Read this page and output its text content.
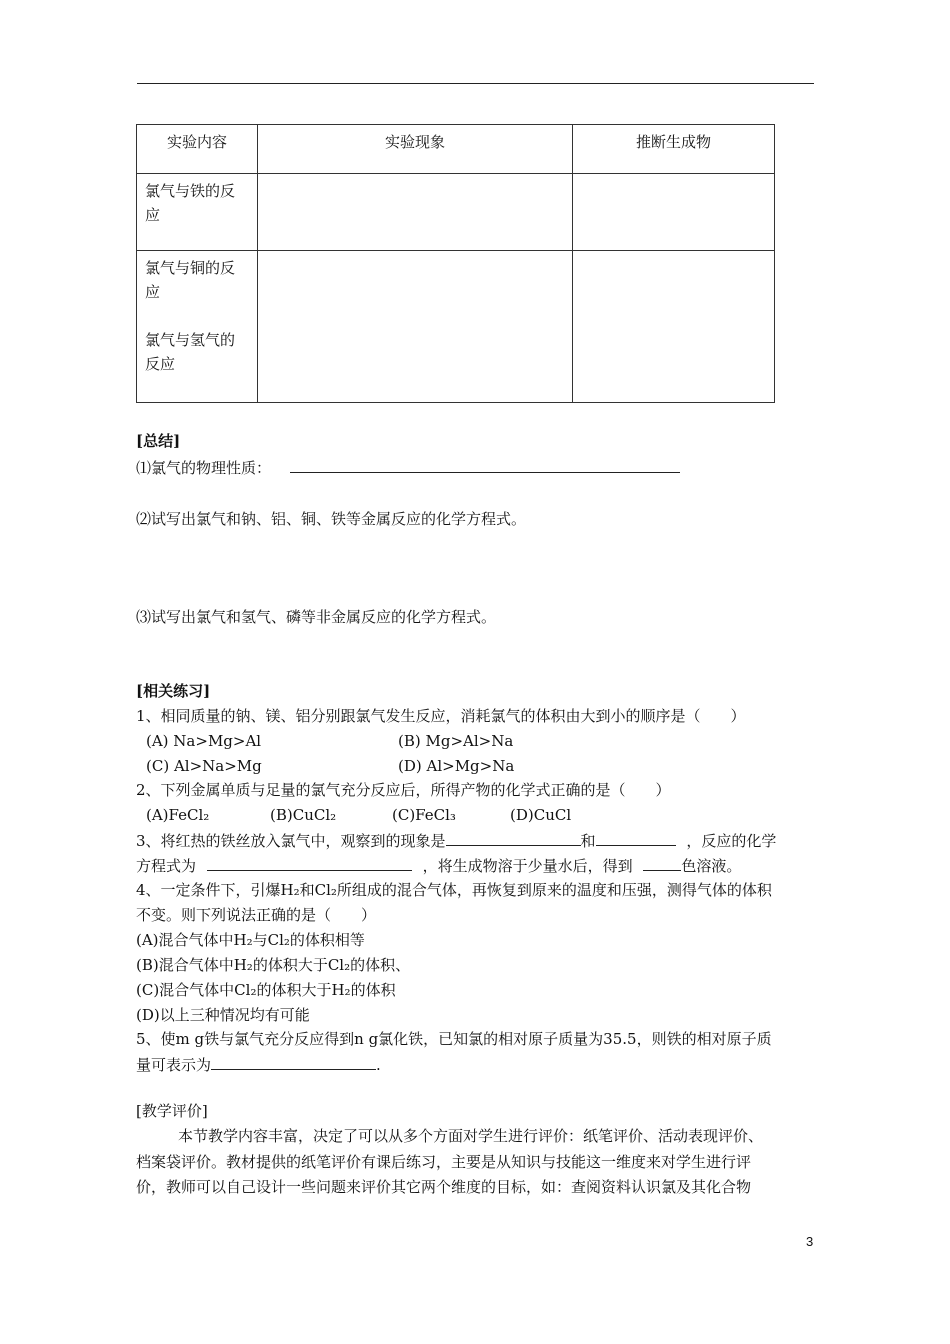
实验内容	实验现象	推断生成物
氯气与铁的反应		

氯气与铜的反应
氯气与氢气的反应		

[总结]
⑴氯气的物理性质：
⑵试写出氯气和钠、铝、铜、铁等金属反应的化学方程式。
⑶试写出氯气和氢气、磷等非金属反应的化学方程式。
[相关练习]
1、相同质量的钠、镁、铝分别跟氯气发生反应，消耗氯气的体积由大到小的顺序是（　　）
(A) Na>Mg>Al	(B) Mg>Al>Na
(C) Al>Na>Mg	(D) Al>Mg>Na
2、下列金属单质与足量的氯气充分反应后，所得产物的化学式正确的是（　　）
(A)FeCl₂	(B)CuCl₂	(C)FeCl₃	(D)CuCl
3、将红热的铁丝放入氯气中，观察到的现象是	和	，反应的化学
方程式为	，将生成物溶于少量水后，得到	色溶液。
4、一定条件下，引爆H₂和Cl₂所组成的混合气体，再恢复到原来的温度和压强，测得气体的体积
不变。则下列说法正确的是（　　）
(A)混合气体中H₂与Cl₂的体积相等
(B)混合气体中H₂的体积大于Cl₂的体积、
(C)混合气体中Cl₂的体积大于H₂的体积
(D)以上三种情况均有可能
5、使m g铁与氯气充分反应得到n g氯化铁，已知氯的相对原子质量为35.5，则铁的相对原子质
量可表示为	.
[教学评价]
本节教学内容丰富，决定了可以从多个方面对学生进行评价：纸笔评价、活动表现评价、
档案袋评价。教材提供的纸笔评价有课后练习，主要是从知识与技能这一维度来对学生进行评
价，教师可以自己设计一些问题来评价其它两个维度的目标，如：查阅资料认识氯及其化合物
3
